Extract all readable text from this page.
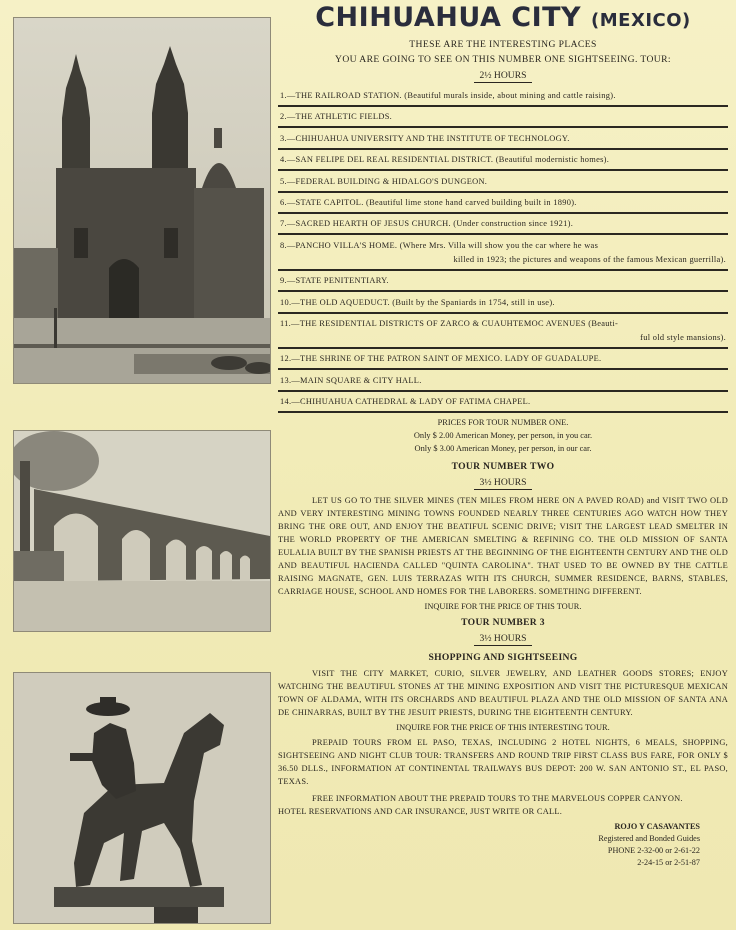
CHIHUAHUA CITY (MEXICO)

THESE ARE THE INTERESTING PLACES

YOU ARE GOING TO SEE ON THIS NUMBER ONE SIGHTSEEING. TOUR:

2½ HOURS
1.—THE RAILROAD STATION. (Beautiful murals inside, about mining and cattle raising).
2.—THE ATHLETIC FIELDS.
3.—CHIHUAHUA UNIVERSITY AND THE INSTITUTE OF TECHNOLOGY.
4.—SAN FELIPE DEL REAL RESIDENTIAL DISTRICT. (Beautiful modernistic homes).
5.—FEDERAL BUILDING & HIDALGO'S DUNGEON.
6.—STATE CAPITOL. (Beautiful lime stone hand carved building built in 1890).
7.—SACRED HEARTH OF JESUS CHURCH. (Under construction since 1921).
8.—PANCHO VILLA'S HOME. (Where Mrs. Villa will show you the car where he was
killed in 1923; the pictures and weapons of the famous Mexican guerrilla).
9.—STATE PENITENTIARY.
10.—THE OLD AQUEDUCT. (Built by the Spaniards in 1754, still in use).
11.—THE RESIDENTIAL DISTRICTS OF ZARCO & CUAUHTEMOC AVENUES (Beauti-
ful old style mansions).
12.—THE SHRINE OF THE PATRON SAINT OF MEXICO. LADY OF GUADALUPE.
13.—MAIN SQUARE & CITY HALL.
14.—CHIHUAHUA CATHEDRAL & LADY OF FATIMA CHAPEL.
PRICES FOR TOUR NUMBER ONE.
Only $ 2.00 American Money, per person, in you car.
Only $ 3.00 American Money, per person, in our car.
TOUR NUMBER TWO
3½ HOURS

LET US GO TO THE SILVER MINES (TEN MILES FROM HERE ON A PAVED ROAD) and VISIT TWO OLD AND VERY INTERESTING MINING TOWNS FOUNDED NEARLY THREE CENTURIES AGO WATCH HOW THEY BRING THE ORE OUT, AND ENJOY THE BEATIFUL SCENIC DRIVE; VISIT THE LARGEST LEAD SMELTER IN THE WORLD PROPERTY OF THE AMERICAN SMELTING & REFINING CO. THE OLD MISSION OF SANTA EULALIA BUILT BY THE SPANISH PRIESTS AT THE BEGINNING OF THE EIGHTEENTH CENTURY AND THE OLD AND BEAUTIFUL HACIENDA CALLED "QUINTA CAROLINA". THAT USED TO BE OWNED BY THE CATTLE RAISING MAGNATE, GEN. LUIS TERRAZAS WITH ITS CHURCH, SUMMER RESIDENCE, BARNS, STABLES, CARRIAGE HOUSE, SCHOOL AND HOMES FOR THE LABORERS. SOMETHING DIFFERENT.

INQUIRE FOR THE PRICE OF THIS TOUR.

TOUR NUMBER 3
3½ HOURS
SHOPPING AND SIGHTSEEING

VISIT THE CITY MARKET, CURIO, SILVER JEWELRY, AND LEATHER GOODS STORES; ENJOY WATCHING THE BEAUTIFUL STONES AT THE MINING EXPOSITION AND VISIT THE PICTURESQUE MEXICAN TOWN OF ALDAMA, WITH ITS ORCHARDS AND BEAUTIFUL PLAZA AND THE OLD MISSION OF SANTA ANA DE CHINARRAS, BUILT BY THE JESUIT PRIESTS, DURING THE EIGHTEENTH CENTURY.

INQUIRE FOR THE PRICE OF THIS INTERESTING TOUR.

PREPAID TOURS FROM EL PASO, TEXAS, INCLUDING 2 HOTEL NIGHTS, 6 MEALS, SHOPPING, SIGHTSEEING AND NIGHT CLUB TOUR: TRANSFERS AND ROUND TRIP FIRST CLASS BUS FARE, FOR ONLY $ 36.50 DLLS., INFORMATION AT CONTINENTAL TRAILWAYS BUS DEPOT: 200 W. SAN ANTONIO ST., EL PASO, TEXAS.

FREE INFORMATION ABOUT THE PREPAID TOURS TO THE MARVELOUS COPPER CANYON.

HOTEL RESERVATIONS AND CAR INSURANCE, JUST WRITE OR CALL.

ROJO Y CASAVANTES
Registered and Bonded Guides
PHONE 2-32-00 or 2-61-22
2-24-15 or 2-51-87
